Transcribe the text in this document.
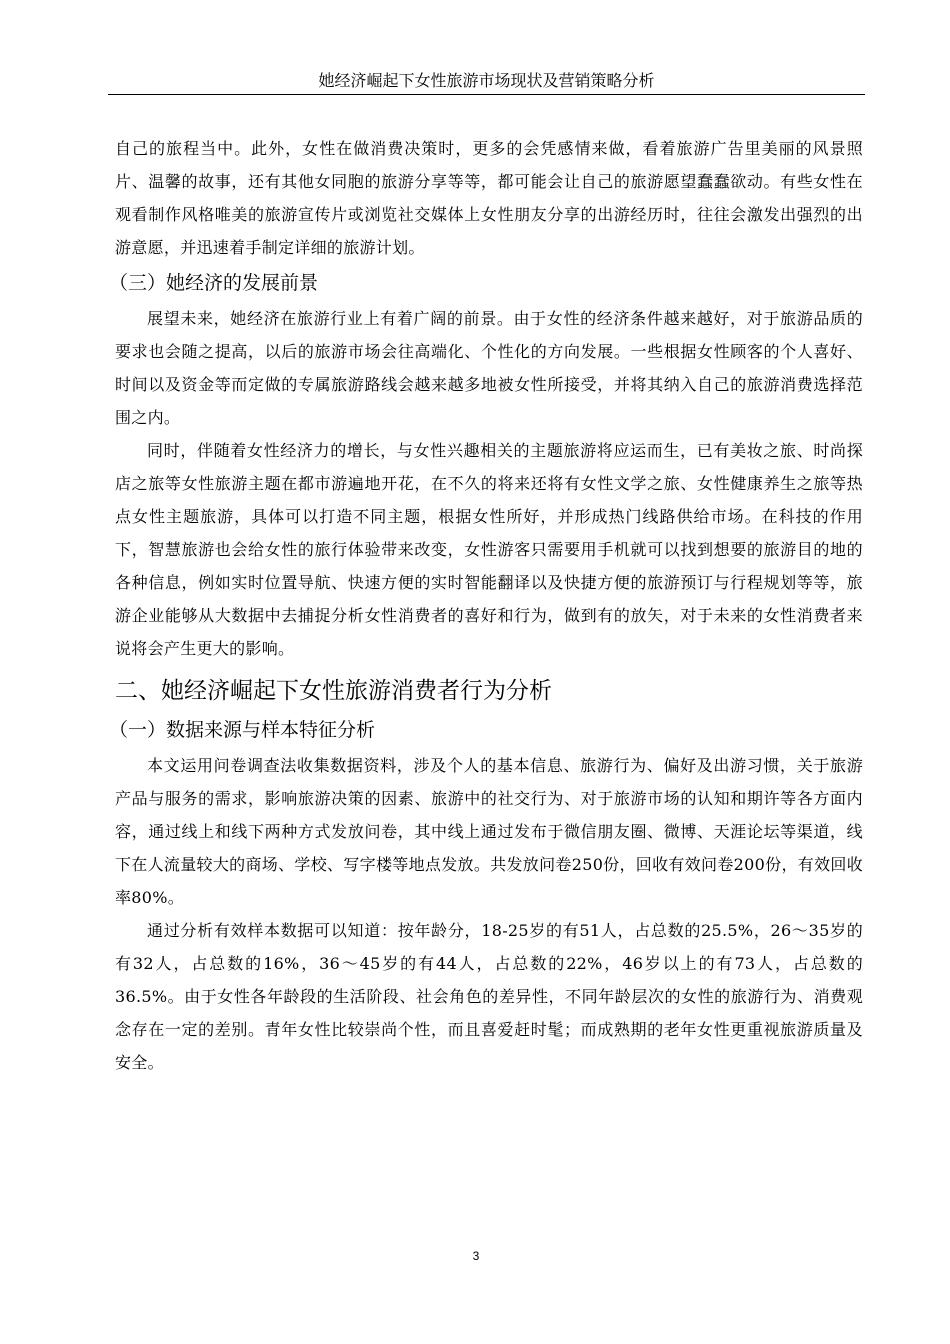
她经济崛起下女性旅游市场现状及营销策略分析

自己的旅程当中。此外，女性在做消费决策时，更多的会凭感情来做，看着旅游广告里美丽的风景照片、温馨的故事，还有其他女同胞的旅游分享等等，都可能会让自己的旅游愿望蠢蠢欲动。有些女性在观看制作风格唯美的旅游宣传片或浏览社交媒体上女性朋友分享的出游经历时，往往会激发出强烈的出游意愿，并迅速着手制定详细的旅游计划。

（三）她经济的发展前景

展望未来，她经济在旅游行业上有着广阔的前景。由于女性的经济条件越来越好，对于旅游品质的要求也会随之提高，以后的旅游市场会往高端化、个性化的方向发展。一些根据女性顾客的个人喜好、时间以及资金等而定做的专属旅游路线会越来越多地被女性所接受，并将其纳入自己的旅游消费选择范围之内。

同时，伴随着女性经济力的增长，与女性兴趣相关的主题旅游将应运而生，已有美妆之旅、时尚探店之旅等女性旅游主题在都市游遍地开花，在不久的将来还将有女性文学之旅、女性健康养生之旅等热点女性主题旅游，具体可以打造不同主题，根据女性所好，并形成热门线路供给市场。在科技的作用下，智慧旅游也会给女性的旅行体验带来改变，女性游客只需要用手机就可以找到想要的旅游目的地的各种信息，例如实时位置导航、快速方便的实时智能翻译以及快捷方便的旅游预订与行程规划等等，旅游企业能够从大数据中去捕捉分析女性消费者的喜好和行为，做到有的放矢，对于未来的女性消费者来说将会产生更大的影响。

二、她经济崛起下女性旅游消费者行为分析
（一）数据来源与样本特征分析

本文运用问卷调查法收集数据资料，涉及个人的基本信息、旅游行为、偏好及出游习惯，关于旅游产品与服务的需求，影响旅游决策的因素、旅游中的社交行为、对于旅游市场的认知和期许等各方面内容，通过线上和线下两种方式发放问卷，其中线上通过发布于微信朋友圈、微博、天涯论坛等渠道，线下在人流量较大的商场、学校、写字楼等地点发放。共发放问卷250份，回收有效问卷200份，有效回收率80%。

通过分析有效样本数据可以知道：按年龄分，18-25岁的有51人，占总数的25.5%，26～35岁的有32人，占总数的16%，36～45岁的有44人，占总数的22%，46岁以上的有73人，占总数的36.5%。由于女性各年龄段的生活阶段、社会角色的差异性，不同年龄层次的女性的旅游行为、消费观念存在一定的差别。青年女性比较崇尚个性，而且喜爱赶时髦；而成熟期的老年女性更重视旅游质量及安全。

3
